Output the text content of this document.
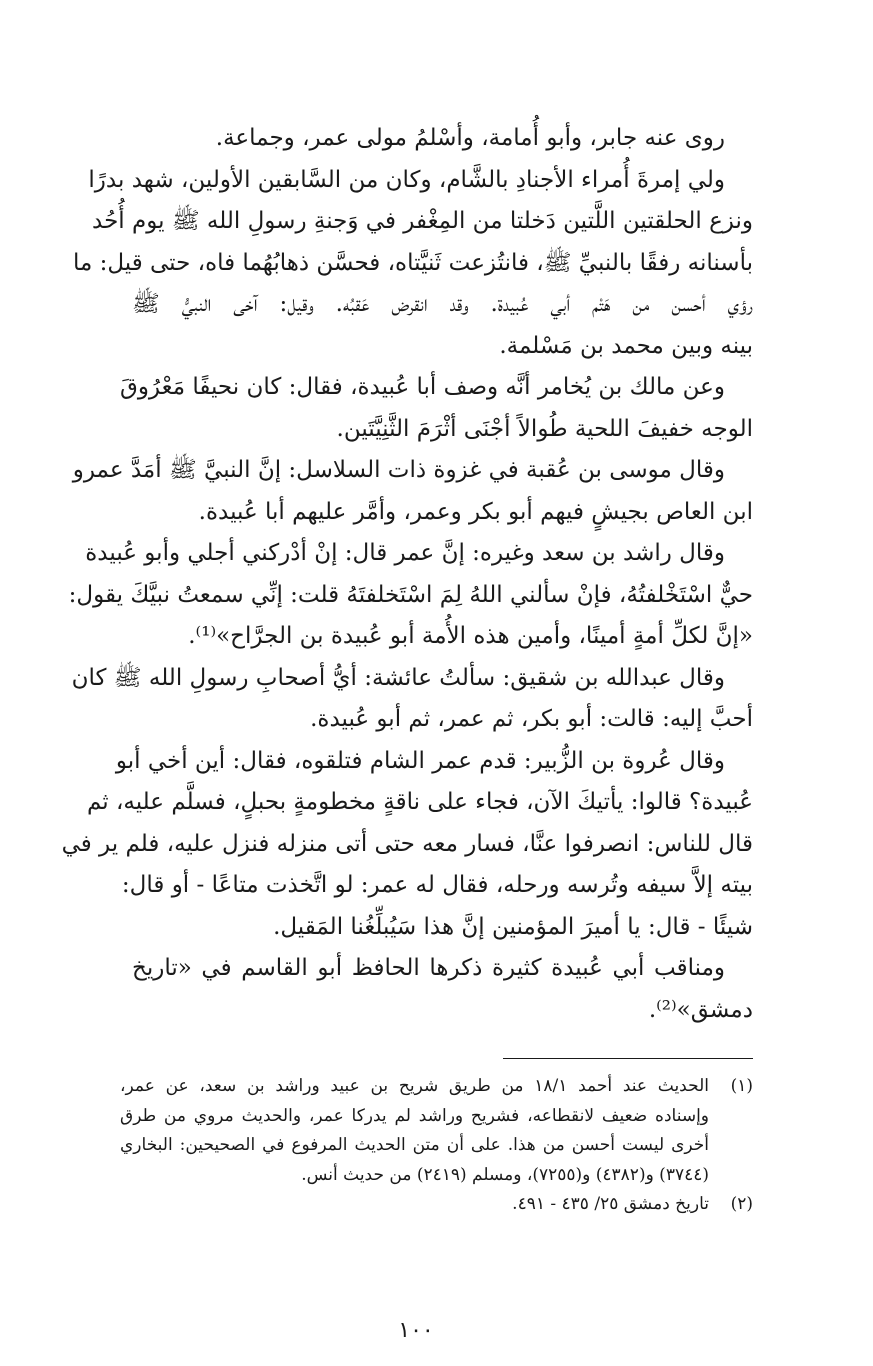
روى عنه جابر، وأبو أُمامة، وأسْلمُ مولى عمر، وجماعة.
ولي إمرةَ أُمراء الأجنادِ بالشَّام، وكان من السَّابقين الأولين، شهد بدرًا
ونزع الحلقتين اللَّتين دَخلتا من المِغْفر في وَجنةِ رسولِ الله ﷺ يوم أُحُد
بأسنانه رفقًا بالنبيِّ ﷺ، فانتُزعت ثَنيَّتاه، فحسَّن ذهابُهُما فاه، حتى قيل: ما
رؤي أحسن من هَتْم أبي عُبيدة. وقد انقرض عَقبُه. وقيل: آخى النبيُّ ﷺ
بينه وبين محمد بن مَسْلمة.
وعن مالك بن يُخامر أنَّه وصف أبا عُبيدة، فقال: كان نحيفًا مَعْرُوقَ
الوجه خفيفَ اللحية طُوالاً أجْنَى أثْرَمَ الثَّنِيَّتَين.
وقال موسى بن عُقبة في غزوة ذات السلاسل: إنَّ النبيَّ ﷺ أمَدَّ عمرو
ابن العاص بجيشٍ فيهم أبو بكر وعمر، وأمَّر عليهم أبا عُبيدة.
وقال راشد بن سعد وغيره: إنَّ عمر قال: إنْ أدْركني أجلي وأبو عُبيدة
حيٌّ اسْتَخْلفتُهُ، فإنْ سألني اللهُ لِمَ اسْتَخلفتَهُ قلت: إنِّي سمعتُ نبيَّكَ يقول:
«إنَّ لكلِّ أمةٍ أمينًا، وأمين هذه الأُمة أبو عُبيدة بن الجرَّاح»⁽¹⁾.
وقال عبدالله بن شقيق: سألتُ عائشة: أيُّ أصحابِ رسولِ الله ﷺ كان
أحبَّ إليه: قالت: أبو بكر، ثم عمر، ثم أبو عُبيدة.
وقال عُروة بن الزُّبير: قدم عمر الشام فتلقوه، فقال: أين أخي أبو
عُبيدة؟ قالوا: يأتيكَ الآن، فجاء على ناقةٍ مخطومةٍ بحبلٍ، فسلَّم عليه، ثم
قال للناس: انصرفوا عنَّا، فسار معه حتى أتى منزله فنزل عليه، فلم ير في
بيته إلاَّ سيفه وتُرسه ورحله، فقال له عمر: لو اتَّخذت متاعًا - أو قال:
شيئًا - قال: يا أميرَ المؤمنين إنَّ هذا سَيُبلِّغُنا المَقيل.
ومناقب أبي عُبيدة كثيرة ذكرها الحافظ أبو القاسم في «تاريخ
دمشق»⁽²⁾.
(١)
الحديث عند أحمد ١٨/١ من طريق شريح بن عبيد وراشد بن سعد، عن عمر،
وإسناده ضعيف لانقطاعه، فشريح وراشد لم يدركا عمر، والحديث مروي من طرق
أخرى ليست أحسن من هذا. على أن متن الحديث المرفوع في الصحيحين: البخاري
(٣٧٤٤) و(٤٣٨٢) و(٧٢٥٥)، ومسلم (٢٤١٩) من حديث أنس.
(٢)
تاريخ دمشق ٢٥/ ٤٣٥ - ٤٩١.
١٠٠
